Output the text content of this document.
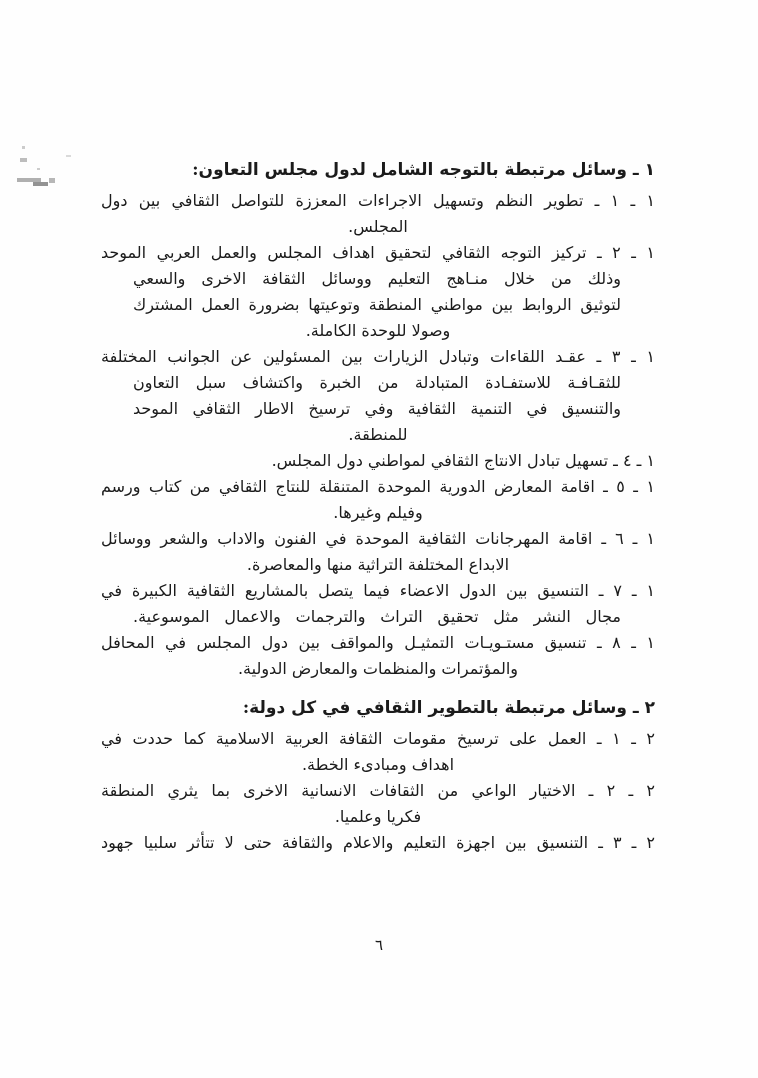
١ ـ وسائل مرتبطة بالتوجه الشامل لدول مجلس التعاون:
١ ـ ١ ـ تطوير النظم وتسهيل الاجراءات المعززة للتواصل الثقافي بين دول
المجلس.
١ ـ ٢ ـ تركيز التوجه الثقافي لتحقيق اهداف المجلس والعمل العربي الموحد
وذلك من خلال منـاهج التعليم ووسائل الثقافة الاخرى والسعي
لتوثيق الروابط بين مواطني المنطقة وتوعيتها بضرورة العمل المشترك
وصولا للوحدة الكاملة.
١ ـ ٣ ـ عقـد اللقاءات وتبادل الزيارات بين المسئولين عن الجوانب المختلفة
للثقـافـة للاستفـادة المتبادلة من الخبرة واكتشاف سبل التعاون
والتنسيق في التنمية الثقافية وفي ترسيخ الاطار الثقافي الموحد
للمنطقة.
١ ـ ٤ ـ تسهيل تبادل الانتاج الثقافي لمواطني دول المجلس.
١ ـ ٥ ـ اقامة المعارض الدورية الموحدة المتنقلة للنتاج الثقافي من كتاب ورسم
وفيلم وغيرها.
١ ـ ٦ ـ اقامة المهرجانات الثقافية الموحدة في الفنون والاداب والشعر ووسائل
الابداع المختلفة التراثية منها والمعاصرة.
١ ـ ٧ ـ التنسيق بين الدول الاعضاء فيما يتصل بالمشاريع الثقافية الكبيرة في
مجال النشر مثل تحقيق التراث والترجمات والاعمال الموسوعية.
١ ـ ٨ ـ تنسيق مستـويـات التمثيـل والمواقف بين دول المجلس في المحافل
والمؤتمرات والمنظمات والمعارض الدولية.
٢ ـ وسائل مرتبطة بالتطوير الثقافي في كل دولة:
٢ ـ ١ ـ العمل على ترسيخ مقومات الثقافة العربية الاسلامية كما حددت في
اهداف ومبادىء الخطة.
٢ ـ ٢ ـ الاختيار الواعي من الثقافات الانسانية الاخرى بما يثري المنطقة
فكريا وعلميا.
٢ ـ ٣ ـ التنسيق بين اجهزة التعليم والاعلام والثقافة حتى لا تتأثر سلبيا جهود
٦
